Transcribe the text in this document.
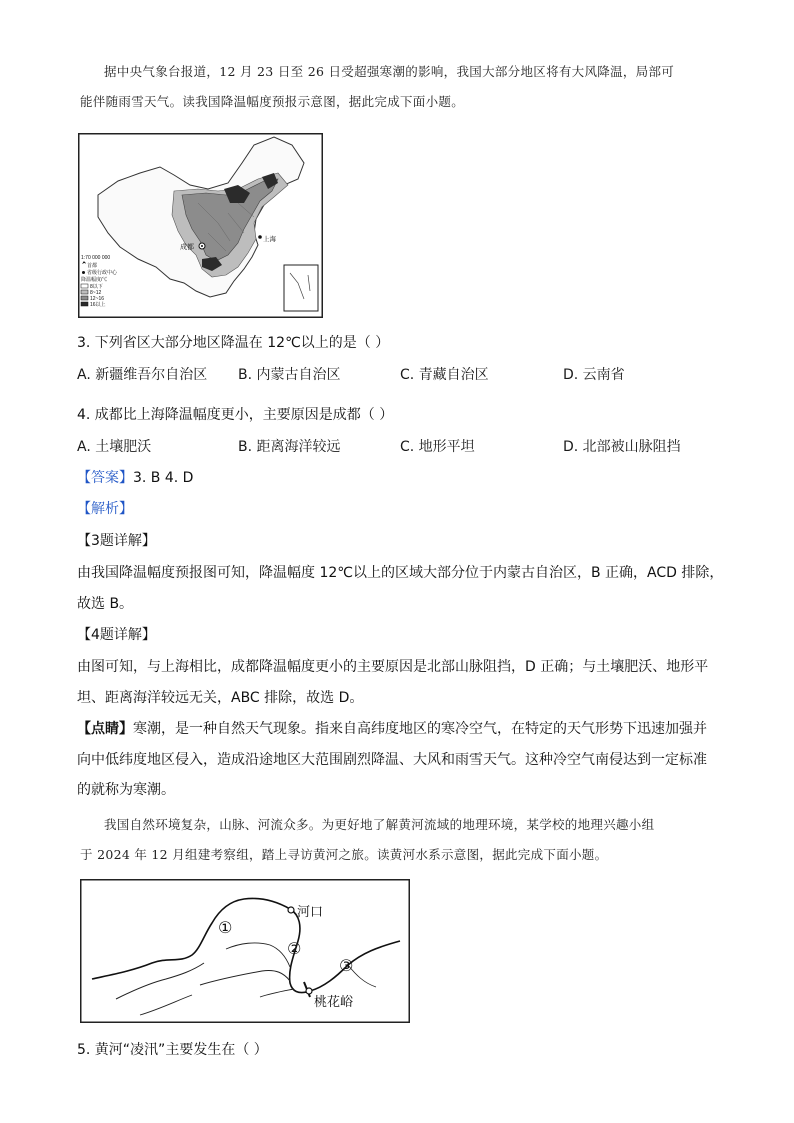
据中央气象台报道，12 月 23 日至 26 日受超强寒潮的影响，我国大部分地区将有大风降温，局部可
能伴随雨雪天气。读我国降温幅度预报示意图，据此完成下面小题。
成都
上海
1:70 000 000
首都
省级行政中心
降温幅度/℃
8以下
8~12
12~16
16以上
3. 下列省区大部分地区降温在 12℃以上的是（ ）
A. 新疆维吾尔自治区 B. 内蒙古自治区	C. 青藏自治区	D. 云南省
4. 成都比上海降温幅度更小，主要原因是成都（ ）
A. 土壤肥沃	B. 距离海洋较远	C. 地形平坦	D. 北部被山脉阻挡
【答案】3. B 4. D
【解析】
【3题详解】
由我国降温幅度预报图可知，降温幅度 12℃以上的区域大部分位于内蒙古自治区，B 正确，ACD 排除，
故选 B。
【4题详解】
由图可知，与上海相比，成都降温幅度更小的主要原因是北部山脉阻挡，D 正确；与土壤肥沃、地形平
坦、距离海洋较远无关，ABC 排除，故选 D。
【点睛】寒潮，是一种自然天气现象。指来自高纬度地区的寒冷空气，在特定的天气形势下迅速加强并
向中低纬度地区侵入，造成沿途地区大范围剧烈降温、大风和雨雪天气。这种冷空气南侵达到一定标准
的就称为寒潮。
我国自然环境复杂，山脉、河流众多。为更好地了解黄河流域的地理环境，某学校的地理兴趣小组
于 2024 年 12 月组建考察组，踏上寻访黄河之旅。读黄河水系示意图，据此完成下面小题。
河口
桃花峪
①
②
③
5. 黄河“凌汛”主要发生在（ ）
